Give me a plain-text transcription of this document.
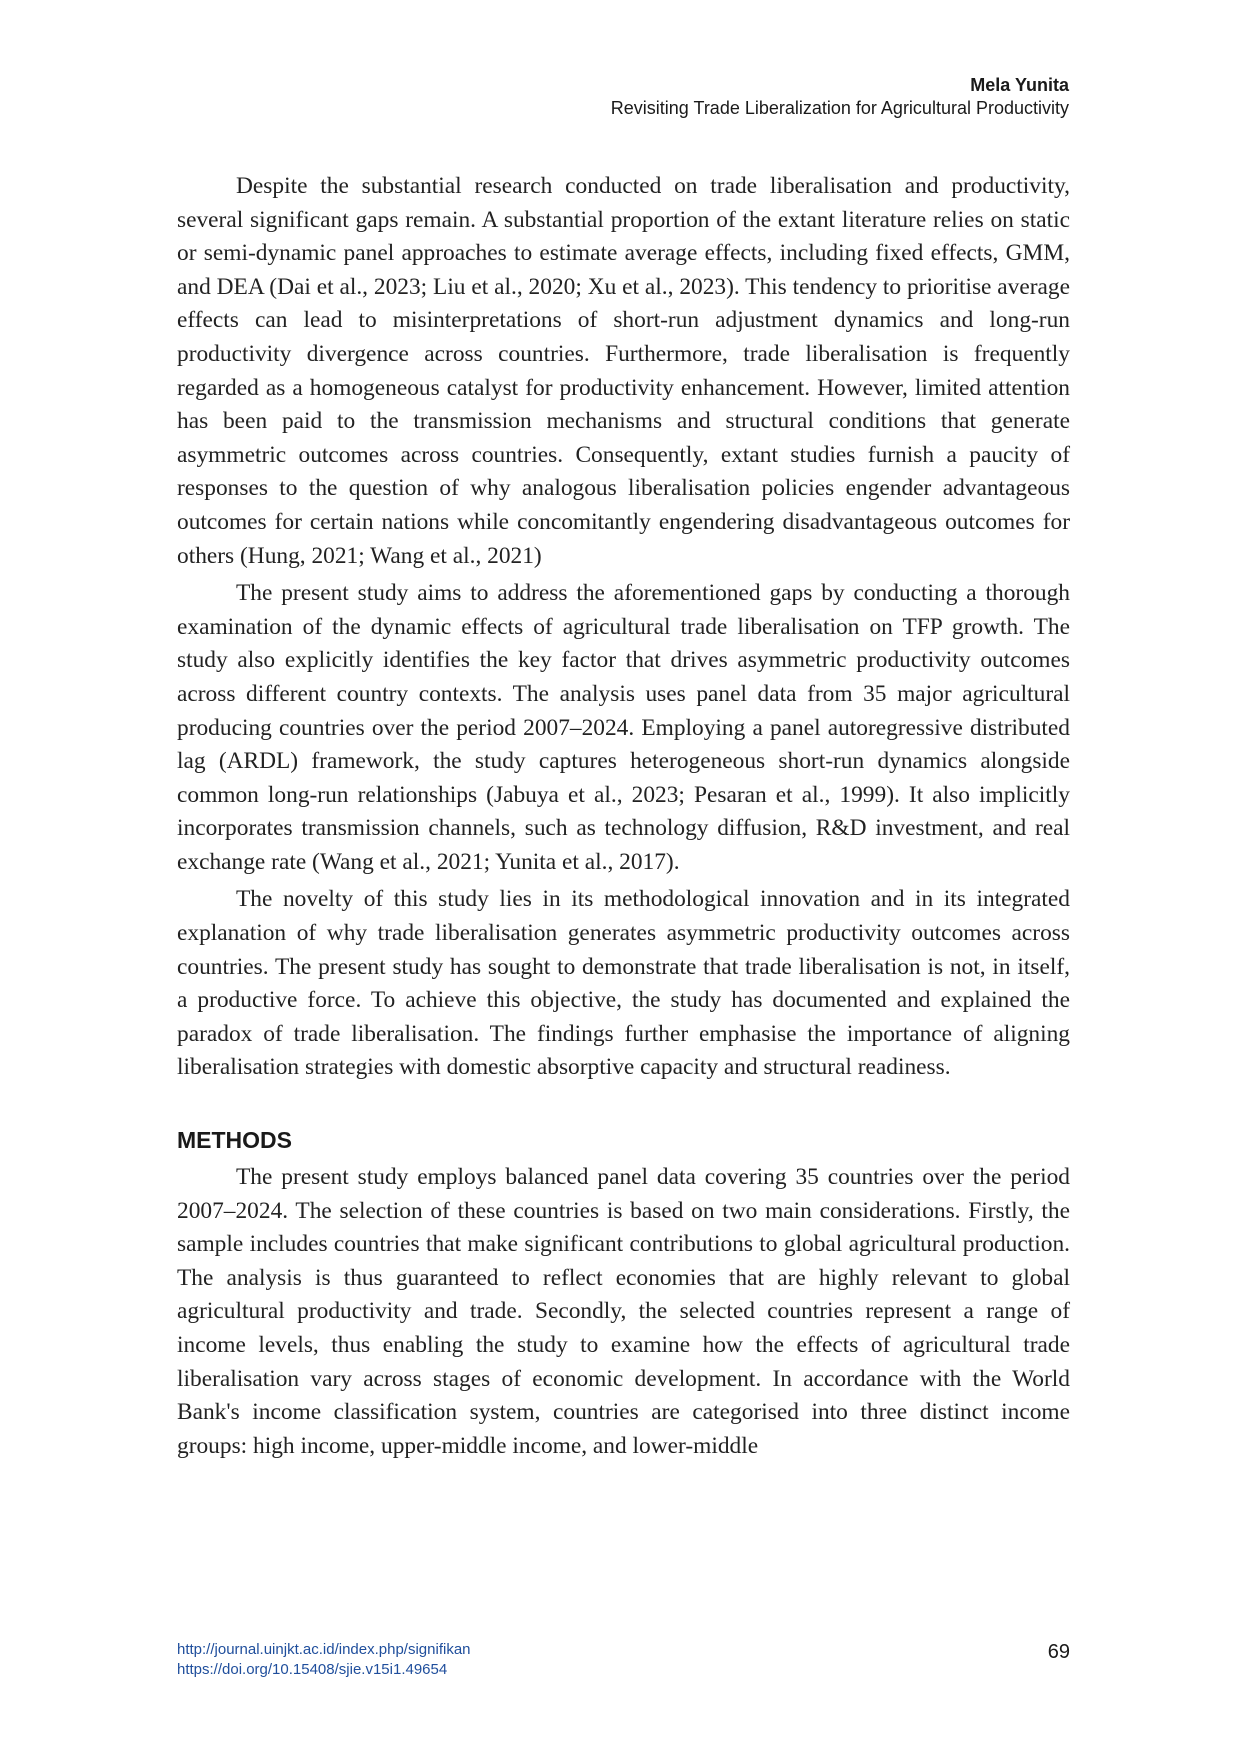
Mela Yunita
Revisiting Trade Liberalization for Agricultural Productivity

Despite the substantial research conducted on trade liberalisation and productivity, several significant gaps remain. A substantial proportion of the extant literature relies on static or semi-dynamic panel approaches to estimate average effects, including fixed effects, GMM, and DEA (Dai et al., 2023; Liu et al., 2020; Xu et al., 2023). This tendency to prioritise average effects can lead to misinterpretations of short-run adjustment dynamics and long-run productivity divergence across countries. Furthermore, trade liberalisation is frequently regarded as a homogeneous catalyst for productivity enhancement. However, limited attention has been paid to the transmission mechanisms and structural conditions that generate asymmetric outcomes across countries. Consequently, extant studies furnish a paucity of responses to the question of why analogous liberalisation policies engender advantageous outcomes for certain nations while concomitantly engendering disadvantageous outcomes for others (Hung, 2021; Wang et al., 2021)

The present study aims to address the aforementioned gaps by conducting a thorough examination of the dynamic effects of agricultural trade liberalisation on TFP growth. The study also explicitly identifies the key factor that drives asymmetric productivity outcomes across different country contexts. The analysis uses panel data from 35 major agricultural producing countries over the period 2007–2024. Employing a panel autoregressive distributed lag (ARDL) framework, the study captures heterogeneous short-run dynamics alongside common long-run relationships (Jabuya et al., 2023; Pesaran et al., 1999). It also implicitly incorporates transmission channels, such as technology diffusion, R&D investment, and real exchange rate (Wang et al., 2021; Yunita et al., 2017).

The novelty of this study lies in its methodological innovation and in its integrated explanation of why trade liberalisation generates asymmetric productivity outcomes across countries. The present study has sought to demonstrate that trade liberalisation is not, in itself, a productive force. To achieve this objective, the study has documented and explained the paradox of trade liberalisation. The findings further emphasise the importance of aligning liberalisation strategies with domestic absorptive capacity and structural readiness.

METHODS

The present study employs balanced panel data covering 35 countries over the period 2007–2024. The selection of these countries is based on two main considerations. Firstly, the sample includes countries that make significant contributions to global agricultural production. The analysis is thus guaranteed to reflect economies that are highly relevant to global agricultural productivity and trade. Secondly, the selected countries represent a range of income levels, thus enabling the study to examine how the effects of agricultural trade liberalisation vary across stages of economic development. In accordance with the World Bank's income classification system, countries are categorised into three distinct income groups: high income, upper-middle income, and lower-middle

http://journal.uinjkt.ac.id/index.php/signifikan
https://doi.org/10.15408/sjie.v15i1.49654
69
